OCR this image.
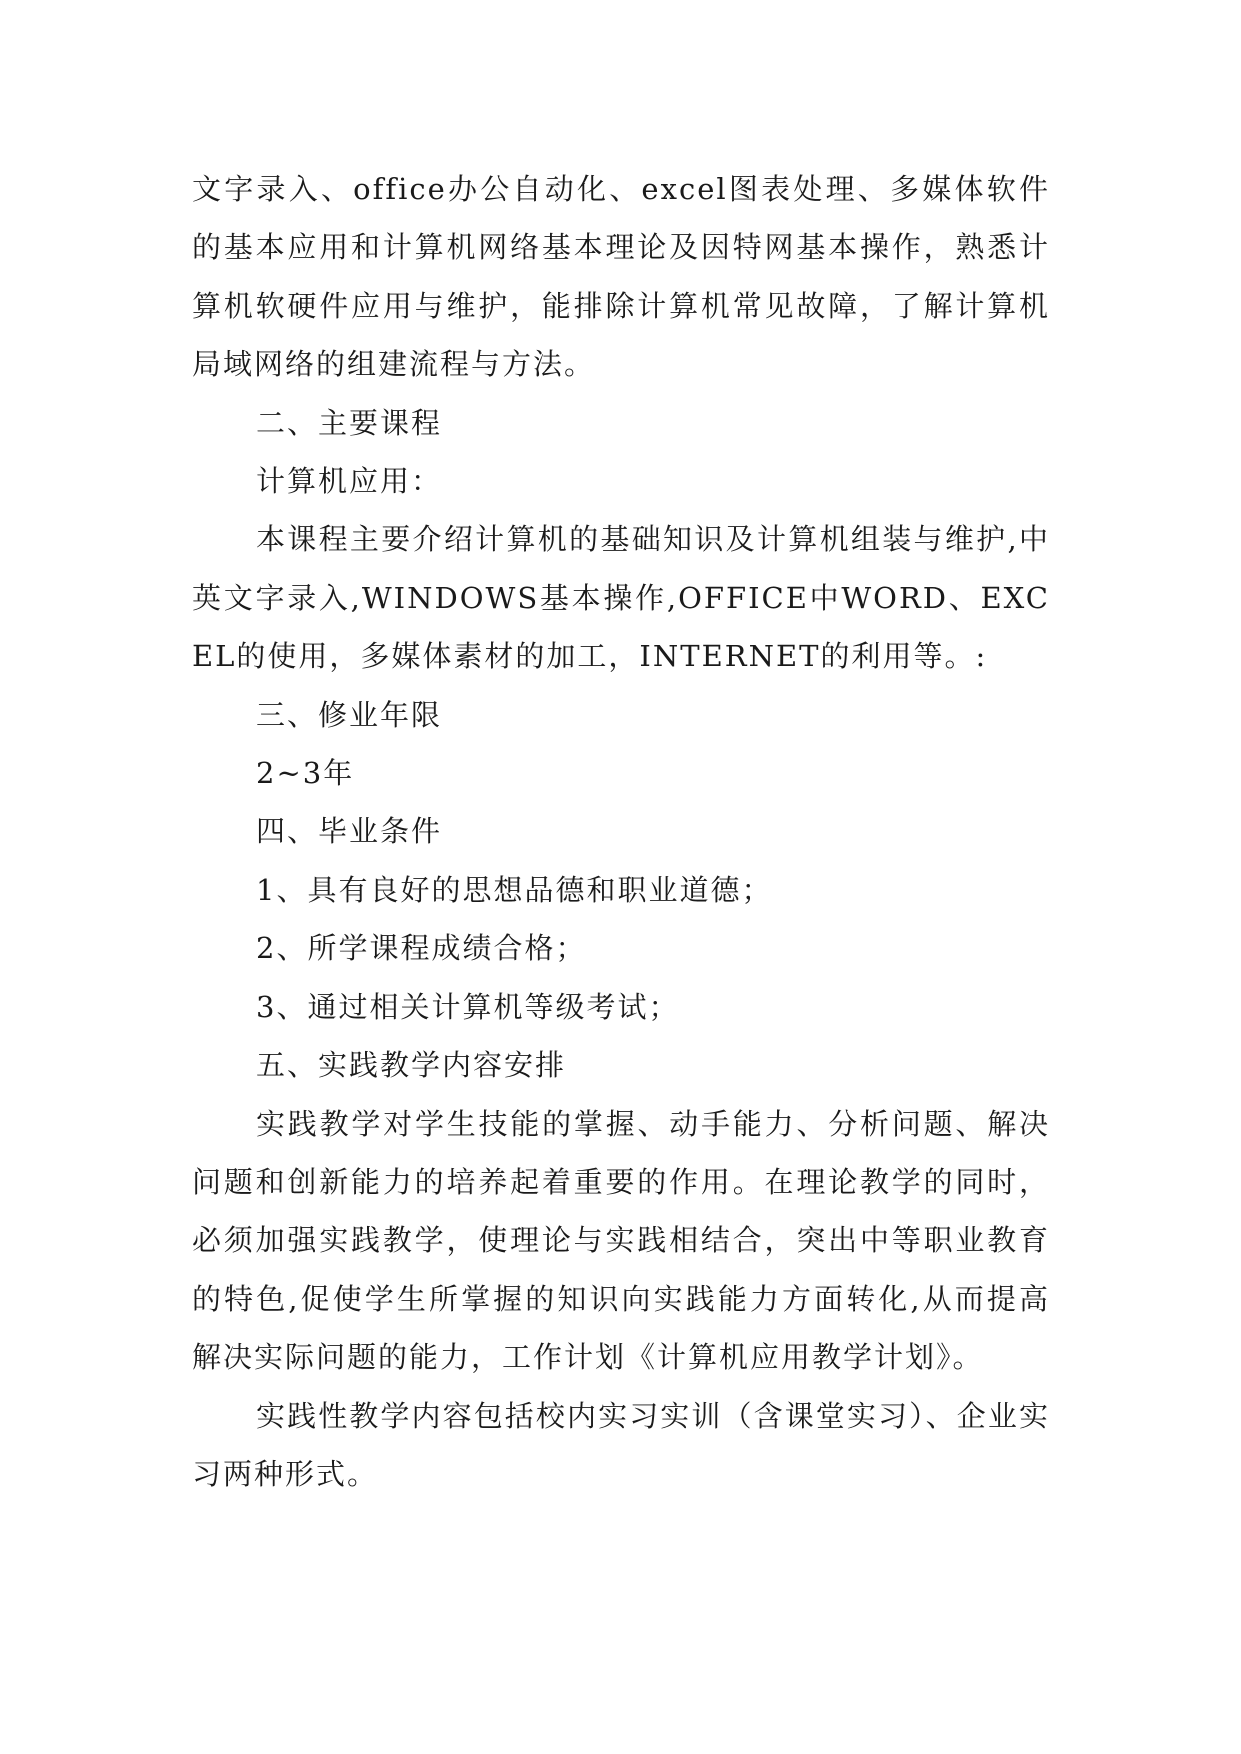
文字录入、office办公自动化、excel图表处理、多媒体软件的基本应用和计算机网络基本理论及因特网基本操作，熟悉计算机软硬件应用与维护，能排除计算机常见故障，了解计算机局域网络的组建流程与方法。

二、主要课程

计算机应用：

本课程主要介绍计算机的基础知识及计算机组装与维护,中英文字录入,WINDOWS基本操作,OFFICE中WORD、EXCEL的使用，多媒体素材的加工，INTERNET的利用等。:

三、修业年限

2~3年

四、毕业条件

1、具有良好的思想品德和职业道德；

2、所学课程成绩合格；

3、通过相关计算机等级考试；

五、实践教学内容安排

实践教学对学生技能的掌握、动手能力、分析问题、解决问题和创新能力的培养起着重要的作用。在理论教学的同时，必须加强实践教学，使理论与实践相结合，突出中等职业教育的特色,促使学生所掌握的知识向实践能力方面转化,从而提高解决实际问题的能力，工作计划《计算机应用教学计划》。

实践性教学内容包括校内实习实训（含课堂实习）、企业实习两种形式。
